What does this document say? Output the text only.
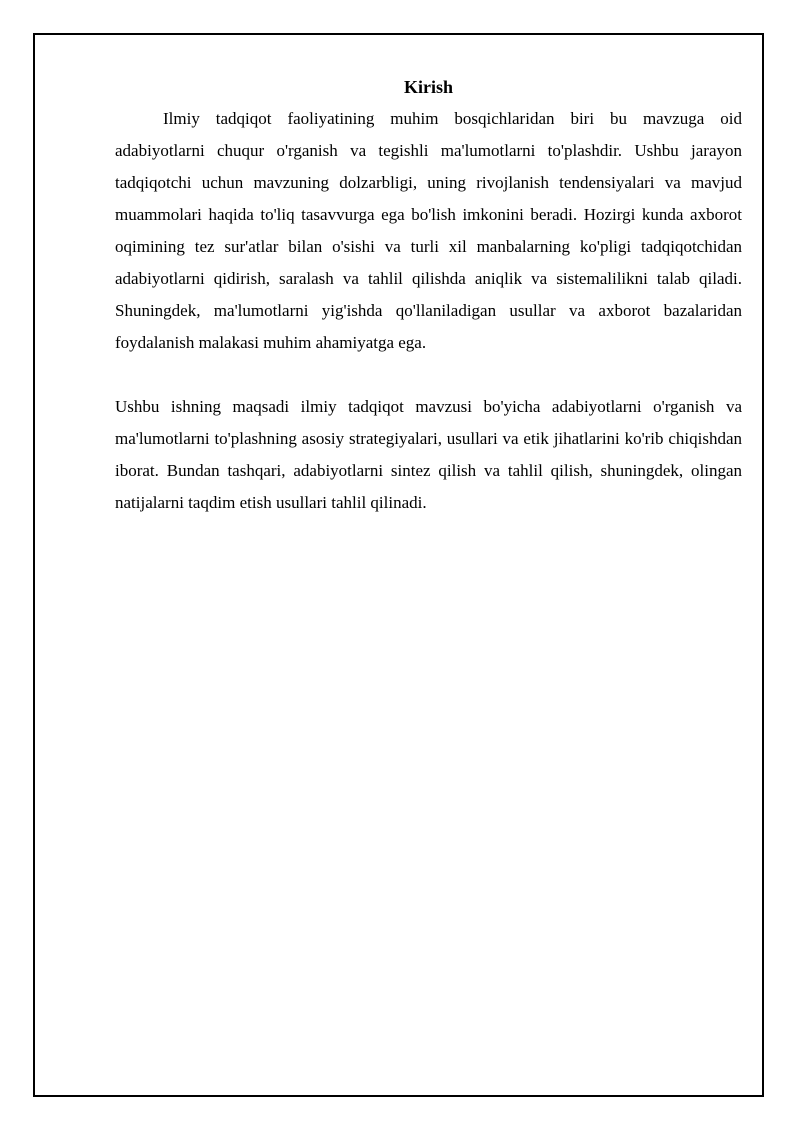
Kirish

Ilmiy tadqiqot faoliyatining muhim bosqichlaridan biri bu mavzuga oid adabiyotlarni chuqur o'rganish va tegishli ma'lumotlarni to'plashdir. Ushbu jarayon tadqiqotchi uchun mavzuning dolzarbligi, uning rivojlanish tendensiyalari va mavjud muammolari haqida to'liq tasavvurga ega bo'lish imkonini beradi. Hozirgi kunda axborot oqimining tez sur'atlar bilan o'sishi va turli xil manbalarning ko'pligi tadqiqotchidan adabiyotlarni qidirish, saralash va tahlil qilishda aniqlik va sistemalilikni talab qiladi. Shuningdek, ma'lumotlarni yig'ishda qo'llaniladigan usullar va axborot bazalaridan foydalanish malakasi muhim ahamiyatga ega.

Ushbu ishning maqsadi ilmiy tadqiqot mavzusi bo'yicha adabiyotlarni o'rganish va ma'lumotlarni to'plashning asosiy strategiyalari, usullari va etik jihatlarini ko'rib chiqishdan iborat. Bundan tashqari, adabiyotlarni sintez qilish va tahlil qilish, shuningdek, olingan natijalarni taqdim etish usullari tahlil qilinadi.
